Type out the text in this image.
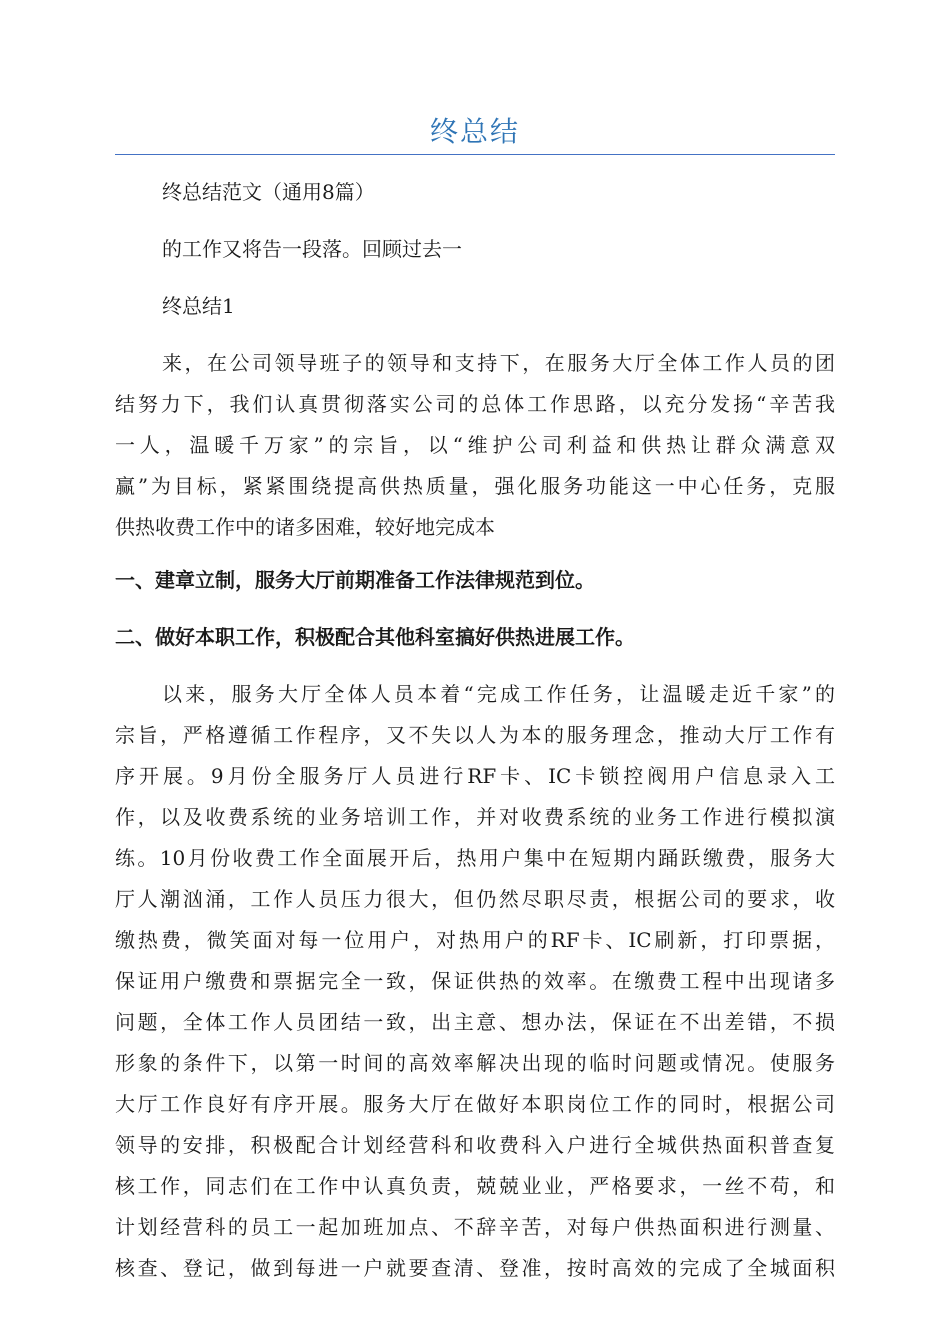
终总结
终总结范文（通用8篇）
的工作又将告一段落。回顾过去一
终总结1
来，在公司领导班子的领导和支持下，在服务大厅全体工作人员的团
结努力下，我们认真贯彻落实公司的总体工作思路，以充分发扬“辛苦我
一人，温暖千万家”的宗旨，以“维护公司利益和供热让群众满意双
赢”为目标，紧紧围绕提高供热质量，强化服务功能这一中心任务，克服
供热收费工作中的诸多困难，较好地完成本
一、建章立制，服务大厅前期准备工作法律规范到位。
二、做好本职工作，积极配合其他科室搞好供热进展工作。
以来，服务大厅全体人员本着“完成工作任务，让温暖走近千家”的
宗旨，严格遵循工作程序，又不失以人为本的服务理念，推动大厅工作有
序开展。9月份全服务厅人员进行RF卡、IC卡锁控阀用户信息录入工
作，以及收费系统的业务培训工作，并对收费系统的业务工作进行模拟演
练。10月份收费工作全面展开后，热用户集中在短期内踊跃缴费，服务大
厅人潮汹涌，工作人员压力很大，但仍然尽职尽责，根据公司的要求，收
缴热费，微笑面对每一位用户，对热用户的RF卡、IC刷新，打印票据，
保证用户缴费和票据完全一致，保证供热的效率。在缴费工程中出现诸多
问题，全体工作人员团结一致，出主意、想办法，保证在不出差错，不损
形象的条件下，以第一时间的高效率解决出现的临时问题或情况。使服务
大厅工作良好有序开展。服务大厅在做好本职岗位工作的同时，根据公司
领导的安排，积极配合计划经营科和收费科入户进行全城供热面积普查复
核工作，同志们在工作中认真负责，兢兢业业，严格要求，一丝不苟，和
计划经营科的员工一起加班加点、不辞辛苦，对每户供热面积进行测量、
核查、登记，做到每进一户就要查清、登准，按时高效的完成了全城面积
